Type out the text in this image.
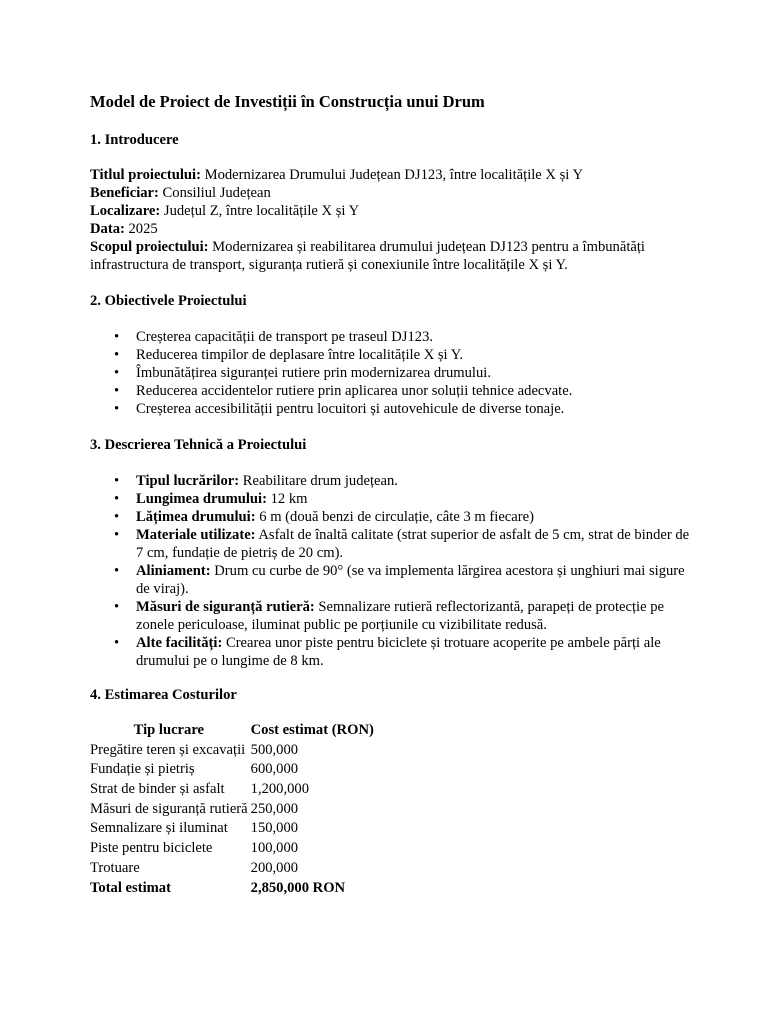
Model de Proiect de Investiții în Construcția unui Drum
1. Introducere

Titlul proiectului: Modernizarea Drumului Județean DJ123, între localitățile X și Y

Beneficiar: Consiliul Județean

Localizare: Județul Z, între localitățile X și Y

Data: 2025

Scopul proiectului: Modernizarea și reabilitarea drumului județean DJ123 pentru a îmbunătăți infrastructura de transport, siguranța rutieră și conexiunile între localitățile X și Y.

2. Obiectivele Proiectului
• Creșterea capacității de transport pe traseul DJ123.
• Reducerea timpilor de deplasare între localitățile X și Y.
• Îmbunătățirea siguranței rutiere prin modernizarea drumului.
• Reducerea accidentelor rutiere prin aplicarea unor soluții tehnice adecvate.
• Creșterea accesibilității pentru locuitori și autovehicule de diverse tonaje.
3. Descrierea Tehnică a Proiectului
• Tipul lucrărilor: Reabilitare drum județean.
• Lungimea drumului: 12 km
• Lățimea drumului: 6 m (două benzi de circulație, câte 3 m fiecare)
• Materiale utilizate: Asfalt de înaltă calitate (strat superior de asfalt de 5 cm, strat de binder de 7 cm, fundație de pietriș de 20 cm).
• Aliniament: Drum cu curbe de 90° (se va implementa lărgirea acestora și unghiuri mai sigure de viraj).
• Măsuri de siguranță rutieră: Semnalizare rutieră reflectorizantă, parapeți de protecție pe zonele periculoase, iluminat public pe porțiunile cu vizibilitate redusă.
• Alte facilități: Crearea unor piste pentru biciclete și trotuare acoperite pe ambele părți ale drumului pe o lungime de 8 km.
4. Estimarea Costurilor
Tip lucrare	Cost estimat (RON)
Pregătire teren și excavații	500,000
Fundație și pietriș	600,000
Strat de binder și asfalt	1,200,000
Măsuri de siguranță rutieră	250,000
Semnalizare și iluminat	150,000
Piste pentru biciclete	100,000
Trotuare	200,000
Total estimat	2,850,000 RON
